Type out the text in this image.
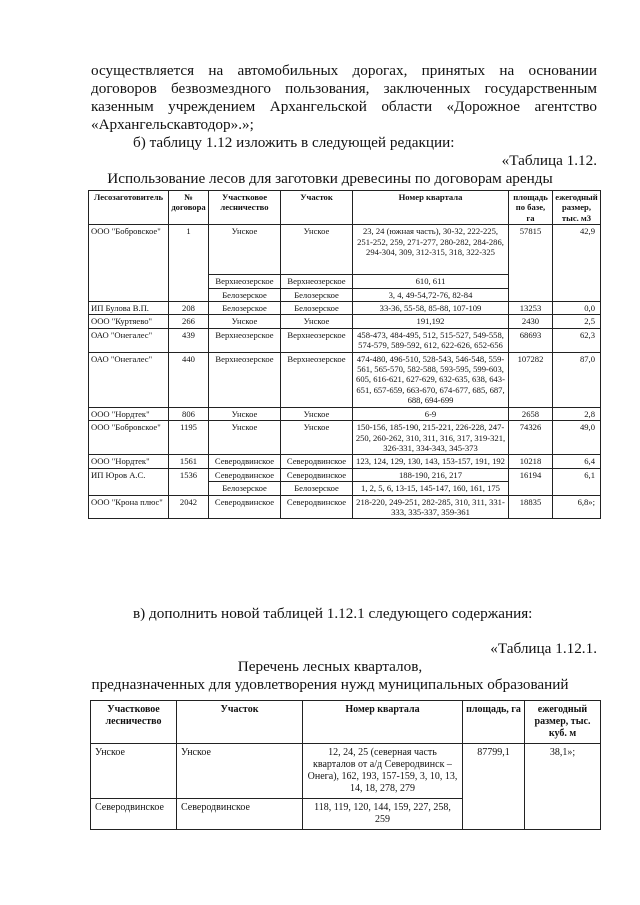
осуществляется на автомобильных дорогах, принятых на основании

договоров безвозмездного пользования, заключенных государственным

казенным учреждением Архангельской области «Дорожное агентство

«Архангельскавтодор».»;

б) таблицу 1.12 изложить в следующей редакции:

«Таблица 1.12.
Использование лесов для заготовки древесины по договорам аренды
Лесозаготовитель	№ договора	Участковое лесничество	Участок	Номер квартала	площадь по базе, га	ежегодный размер, тыс. м3
ООО "Бобровское"	1	Унское	Унское	23, 24 (южная часть), 30-32, 222-225, 251-252, 259, 271-277, 280-282, 284-286, 294-304, 309, 312-315, 318, 322-325	57815	42,9
		Верхнеозерское	Верхнеозерское	610, 611		
		Белозерское	Белозерское	3, 4, 49-54,72-76, 82-84		
ИП Булова В.П.	208	Белозерское	Белозерское	33-36, 55-58, 85-88, 107-109	13253	0,0
ООО "Куртяево"	266	Унское	Унское	191,192	2430	2,5
ОАО "Онегалес"	439	Верхнеозерское	Верхнеозерское	458-473, 484-495, 512, 515-527, 549-558, 574-579, 589-592, 612, 622-626, 652-656	68693	62,3
ОАО "Онегалес"	440	Верхнеозерское	Верхнеозерское	474-480, 496-510, 528-543, 546-548, 559-561, 565-570, 582-588, 593-595, 599-603, 605, 616-621, 627-629, 632-635, 638, 643-651, 657-659, 663-670, 674-677, 685, 687, 688, 694-699	107282	87,0
ООО "Нордтек"	806	Унское	Унское	6-9	2658	2,8
ООО "Бобровское"	1195	Унское	Унское	150-156, 185-190, 215-221, 226-228, 247-250, 260-262, 310, 311, 316, 317, 319-321, 326-331, 334-343, 345-373	74326	49,0
ООО "Нордтек"	1561	Северодвинское	Северодвинское	123, 124, 129, 130, 143, 153-157, 191, 192	10218	6,4
ИП Юров А.С.	1536	Северодвинское	Северодвинское	188-190, 216, 217	16194	6,1
		Белозерское	Белозерское	1, 2, 5, 6, 13-15, 145-147, 160, 161, 175		
ООО "Крона плюс"	2042	Северодвинское	Северодвинское	218-220, 249-251, 282-285, 310, 311, 331-333, 335-337, 359-361	18835	6,8»;

в) дополнить новой таблицей 1.12.1 следующего содержания:

«Таблица 1.12.1.
Перечень лесных кварталов,
предназначенных для удовлетворения нужд муниципальных образований
Участковое лесничество	Участок	Номер квартала	площадь, га	ежегодный размер, тыс. куб. м
Унское	Унское	12, 24, 25 (северная часть кварталов от а/д Северодвинск – Онега), 162, 193, 157-159, 3, 10, 13, 14, 18, 278, 279	87799,1	38,1»;
Северодвинское	Северодвинское	118, 119, 120, 144, 159, 227, 258, 259		
